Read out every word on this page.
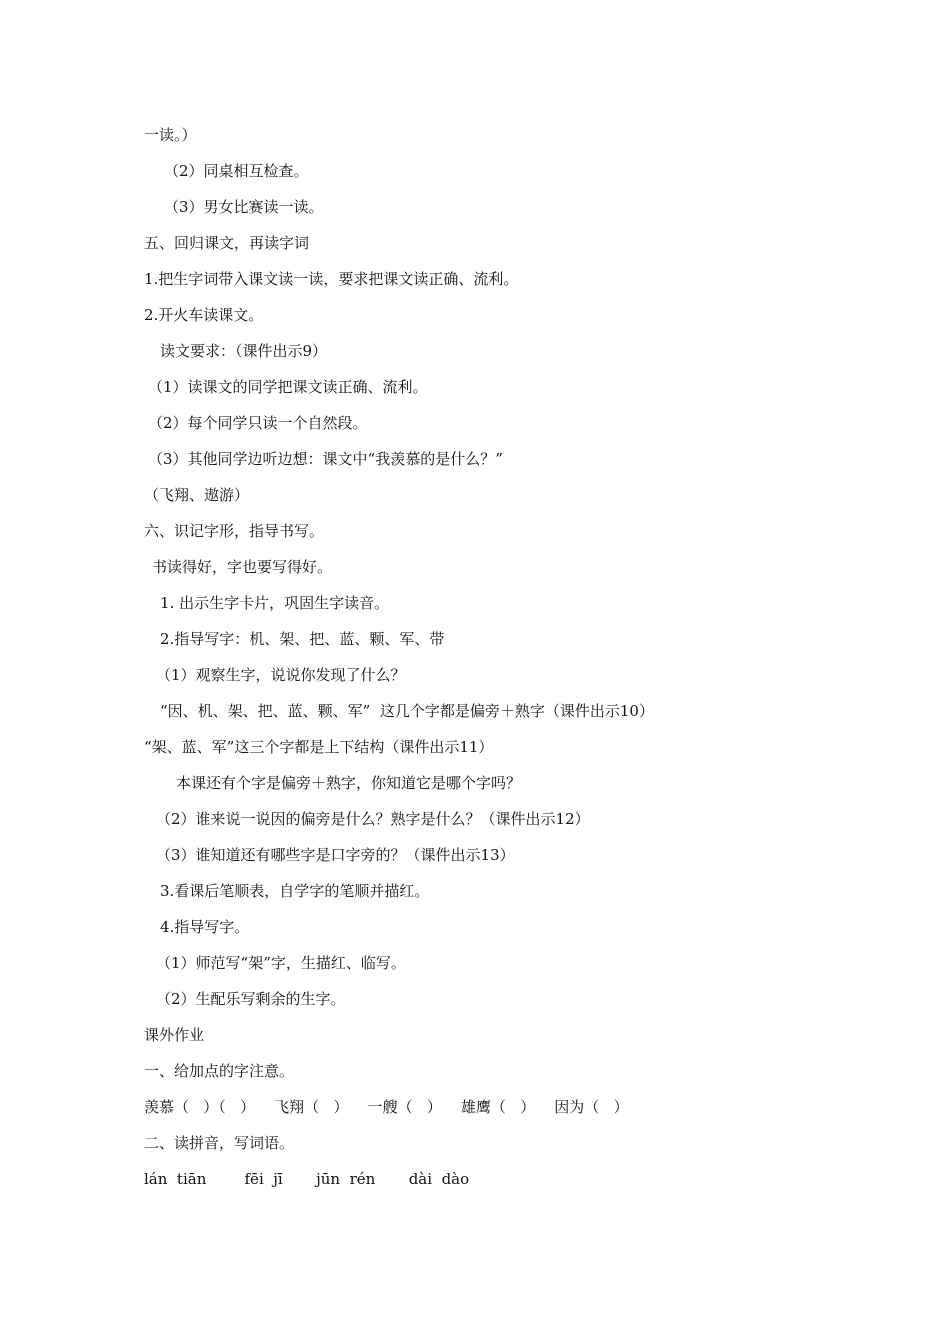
一读。）
（2）同桌相互检查。
（3）男女比赛读一读。
五、回归课文，再读字词
1.把生字词带入课文读一读，要求把课文读正确、流利。
2.开火车读课文。
读文要求：（课件出示9）
（1）读课文的同学把课文读正确、流利。
（2）每个同学只读一个自然段。
（3）其他同学边听边想：课文中“我羡慕的是什么？”
（飞翔、遨游）
六、识记字形，指导书写。
书读得好，字也要写得好。
1. 出示生字卡片，巩固生字读音。
2.指导写字：机、架、把、蓝、颗、军、带
（1）观察生字，说说你发现了什么？
“因、机、架、把、蓝、颗、军”  这几个字都是偏旁＋熟字（课件出示10）
“架、蓝、军”这三个字都是上下结构（课件出示11）
本课还有个字是偏旁＋熟字，你知道它是哪个字吗？
（2）谁来说一说因的偏旁是什么？熟字是什么？（课件出示12）
（3）谁知道还有哪些字是口字旁的？（课件出示13）
3.看课后笔顺表，自学字的笔顺并描红。
4.指导写字。
（1）师范写“架”字，生描红、临写。
（2）生配乐写剩余的生字。
课外作业
一、给加点的字注意。
羡慕（   ）（   ）    飞翔（   ）    一艘（   ）    雄鹰（   ）    因为（   ）
二、读拼音，写词语。
lán  tiān        fēi  jī       jūn  rén       dài  dào
